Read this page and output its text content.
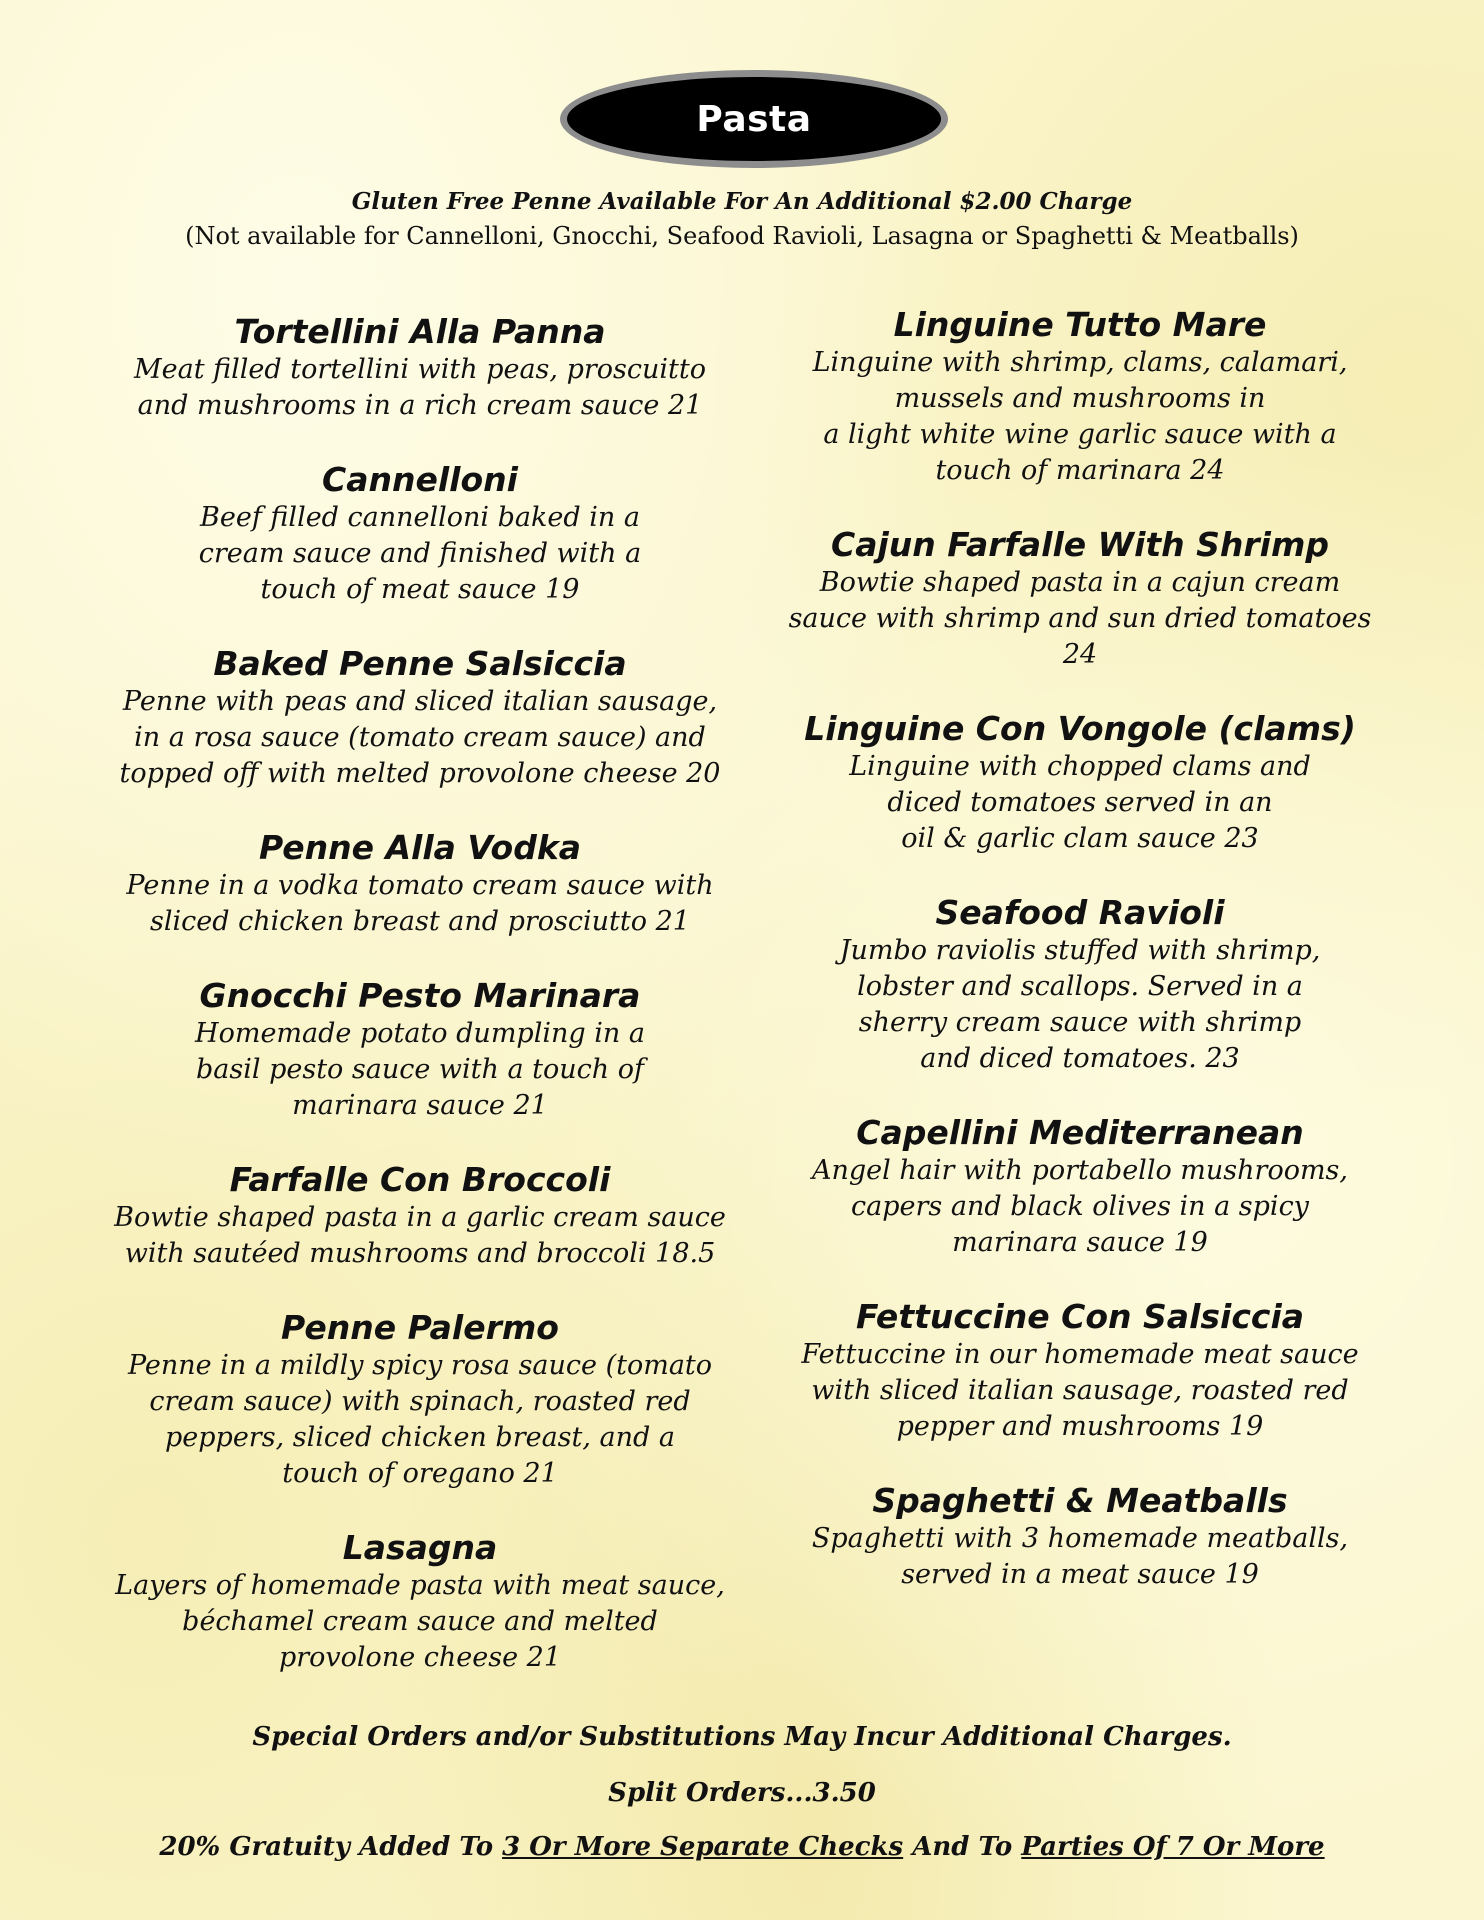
Pasta
Gluten Free Penne Available For An Additional $2.00 Charge
(Not available for Cannelloni, Gnocchi, Seafood Ravioli, Lasagna or Spaghetti & Meatballs)

Tortellini Alla Panna

Meat filled tortellini with peas, proscuitto
and mushrooms in a rich cream sauce 21

Cannelloni

Beef filled cannelloni baked in a
cream sauce and finished with a
touch of meat sauce 19

Baked Penne Salsiccia

Penne with peas and sliced italian sausage,
in a rosa sauce (tomato cream sauce) and
topped off with melted provolone cheese 20

Penne Alla Vodka

Penne in a vodka tomato cream sauce with
sliced chicken breast and prosciutto 21

Gnocchi Pesto Marinara

Homemade potato dumpling in a
basil pesto sauce with a touch of
marinara sauce 21

Farfalle Con Broccoli

Bowtie shaped pasta in a garlic cream sauce
with sautéed mushrooms and broccoli 18.5

Penne Palermo

Penne in a mildly spicy rosa sauce (tomato
cream sauce) with spinach, roasted red
peppers, sliced chicken breast, and a
touch of oregano 21

Lasagna

Layers of homemade pasta with meat sauce,
béchamel cream sauce and melted
provolone cheese 21

Linguine Tutto Mare

Linguine with shrimp, clams, calamari,
mussels and mushrooms in
a light white wine garlic sauce with a
touch of marinara 24

Cajun Farfalle With Shrimp

Bowtie shaped pasta in a cajun cream
sauce with shrimp and sun dried tomatoes
24

Linguine Con Vongole (clams)

Linguine with chopped clams and
diced tomatoes served in an
oil & garlic clam sauce 23

Seafood Ravioli

Jumbo raviolis stuffed with shrimp,
lobster and scallops. Served in a
sherry cream sauce with shrimp
and diced tomatoes. 23

Capellini Mediterranean

Angel hair with portabello mushrooms,
capers and black olives in a spicy
marinara sauce 19

Fettuccine Con Salsiccia

Fettuccine in our homemade meat sauce
with sliced italian sausage, roasted red
pepper and mushrooms 19

Spaghetti & Meatballs

Spaghetti with 3 homemade meatballs,
served in a meat sauce 19

Special Orders and/or Substitutions May Incur Additional Charges.
Split Orders...3.50
20% Gratuity Added To 3 Or More Separate Checks And To Parties Of 7 Or More
